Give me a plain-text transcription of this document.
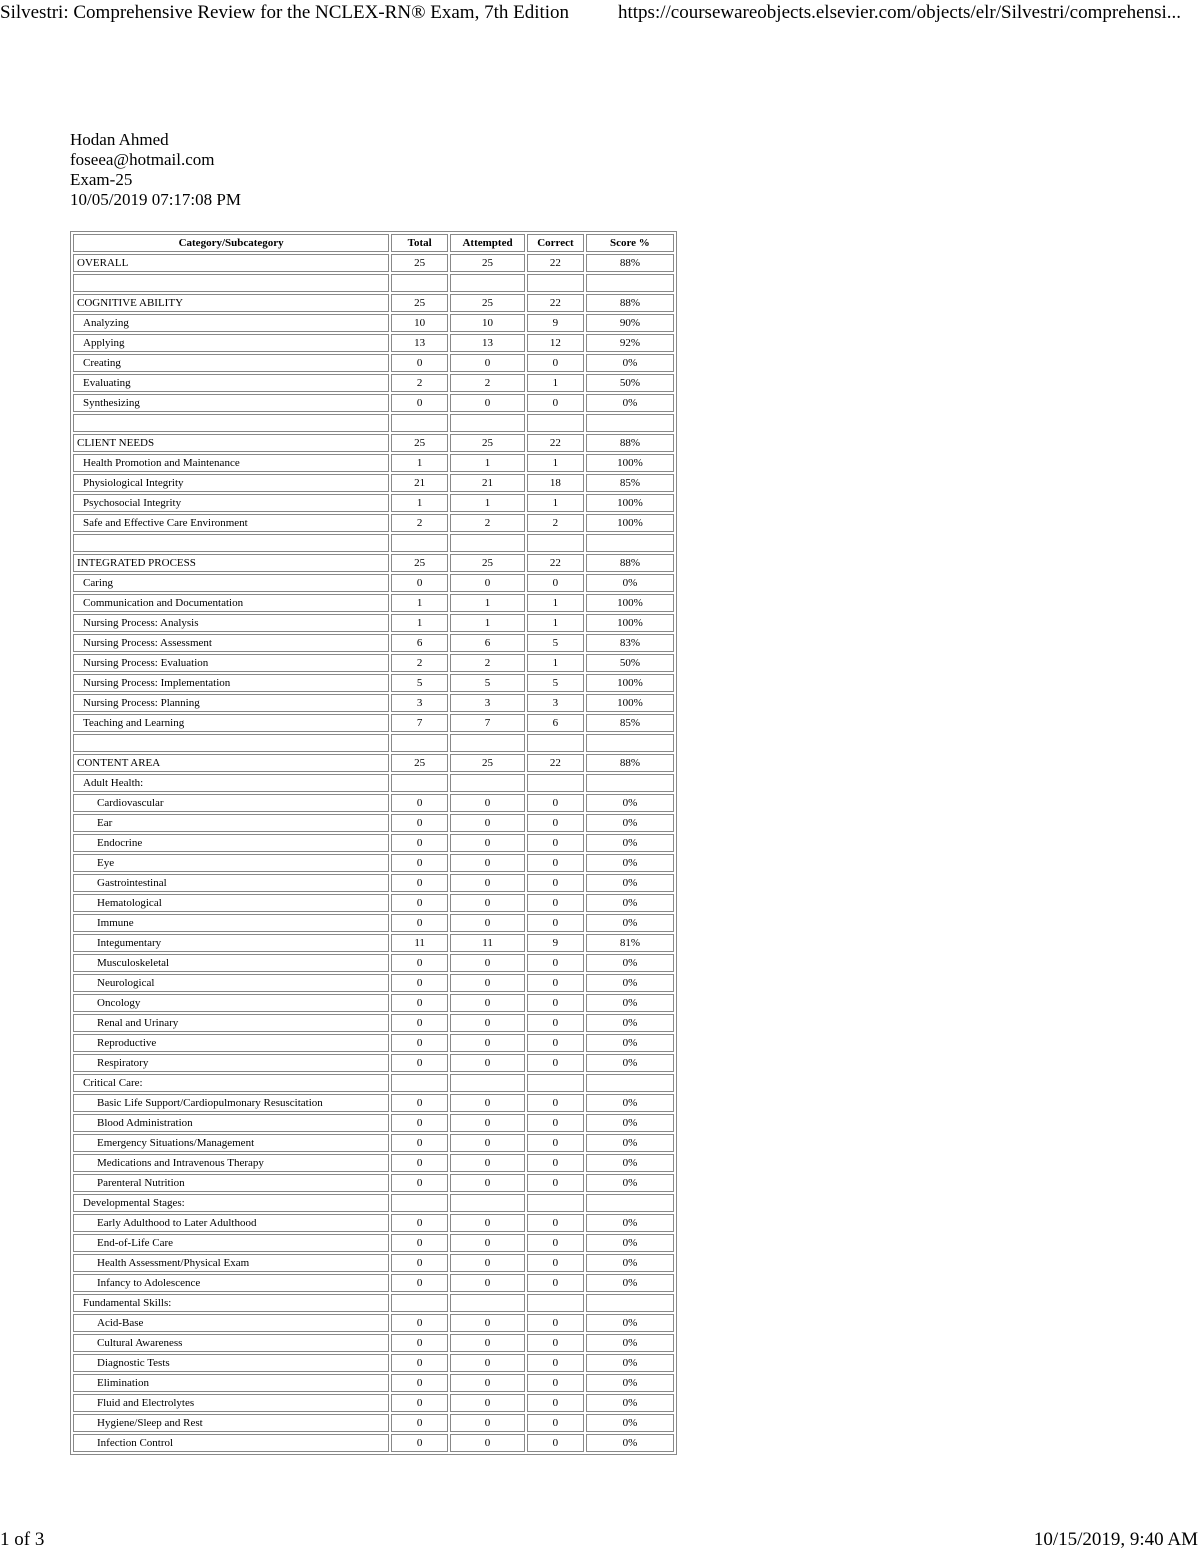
Silvestri: Comprehensive Review for the NCLEX-RN® Exam, 7th Edition	https://coursewareobjects.elsevier.com/objects/elr/Silvestri/comprehensi...
Hodan Ahmed
foseea@hotmail.com
Exam-25
10/05/2019 07:17:08 PM
Category/Subcategory	Total	Attempted	Correct	Score %
OVERALL	25	25	22	88%

COGNITIVE ABILITY	25	25	22	88%
Analyzing	10	10	9	90%
Applying	13	13	12	92%
Creating	0	0	0	0%
Evaluating	2	2	1	50%
Synthesizing	0	0	0	0%

CLIENT NEEDS	25	25	22	88%
Health Promotion and Maintenance	1	1	1	100%
Physiological Integrity	21	21	18	85%
Psychosocial Integrity	1	1	1	100%
Safe and Effective Care Environment	2	2	2	100%

INTEGRATED PROCESS	25	25	22	88%
Caring	0	0	0	0%
Communication and Documentation	1	1	1	100%
Nursing Process: Analysis	1	1	1	100%
Nursing Process: Assessment	6	6	5	83%
Nursing Process: Evaluation	2	2	1	50%
Nursing Process: Implementation	5	5	5	100%
Nursing Process: Planning	3	3	3	100%
Teaching and Learning	7	7	6	85%

CONTENT AREA	25	25	22	88%
Adult Health:				
Cardiovascular	0	0	0	0%
Ear	0	0	0	0%
Endocrine	0	0	0	0%
Eye	0	0	0	0%
Gastrointestinal	0	0	0	0%
Hematological	0	0	0	0%
Immune	0	0	0	0%
Integumentary	11	11	9	81%
Musculoskeletal	0	0	0	0%
Neurological	0	0	0	0%
Oncology	0	0	0	0%
Renal and Urinary	0	0	0	0%
Reproductive	0	0	0	0%
Respiratory	0	0	0	0%
Critical Care:				
Basic Life Support/Cardiopulmonary Resuscitation	0	0	0	0%
Blood Administration	0	0	0	0%
Emergency Situations/Management	0	0	0	0%
Medications and Intravenous Therapy	0	0	0	0%
Parenteral Nutrition	0	0	0	0%
Developmental Stages:				
Early Adulthood to Later Adulthood	0	0	0	0%
End-of-Life Care	0	0	0	0%
Health Assessment/Physical Exam	0	0	0	0%
Infancy to Adolescence	0	0	0	0%
Fundamental Skills:				
Acid-Base	0	0	0	0%
Cultural Awareness	0	0	0	0%
Diagnostic Tests	0	0	0	0%
Elimination	0	0	0	0%
Fluid and Electrolytes	0	0	0	0%
Hygiene/Sleep and Rest	0	0	0	0%
Infection Control	0	0	0	0%
1 of 3	10/15/2019, 9:40 AM
